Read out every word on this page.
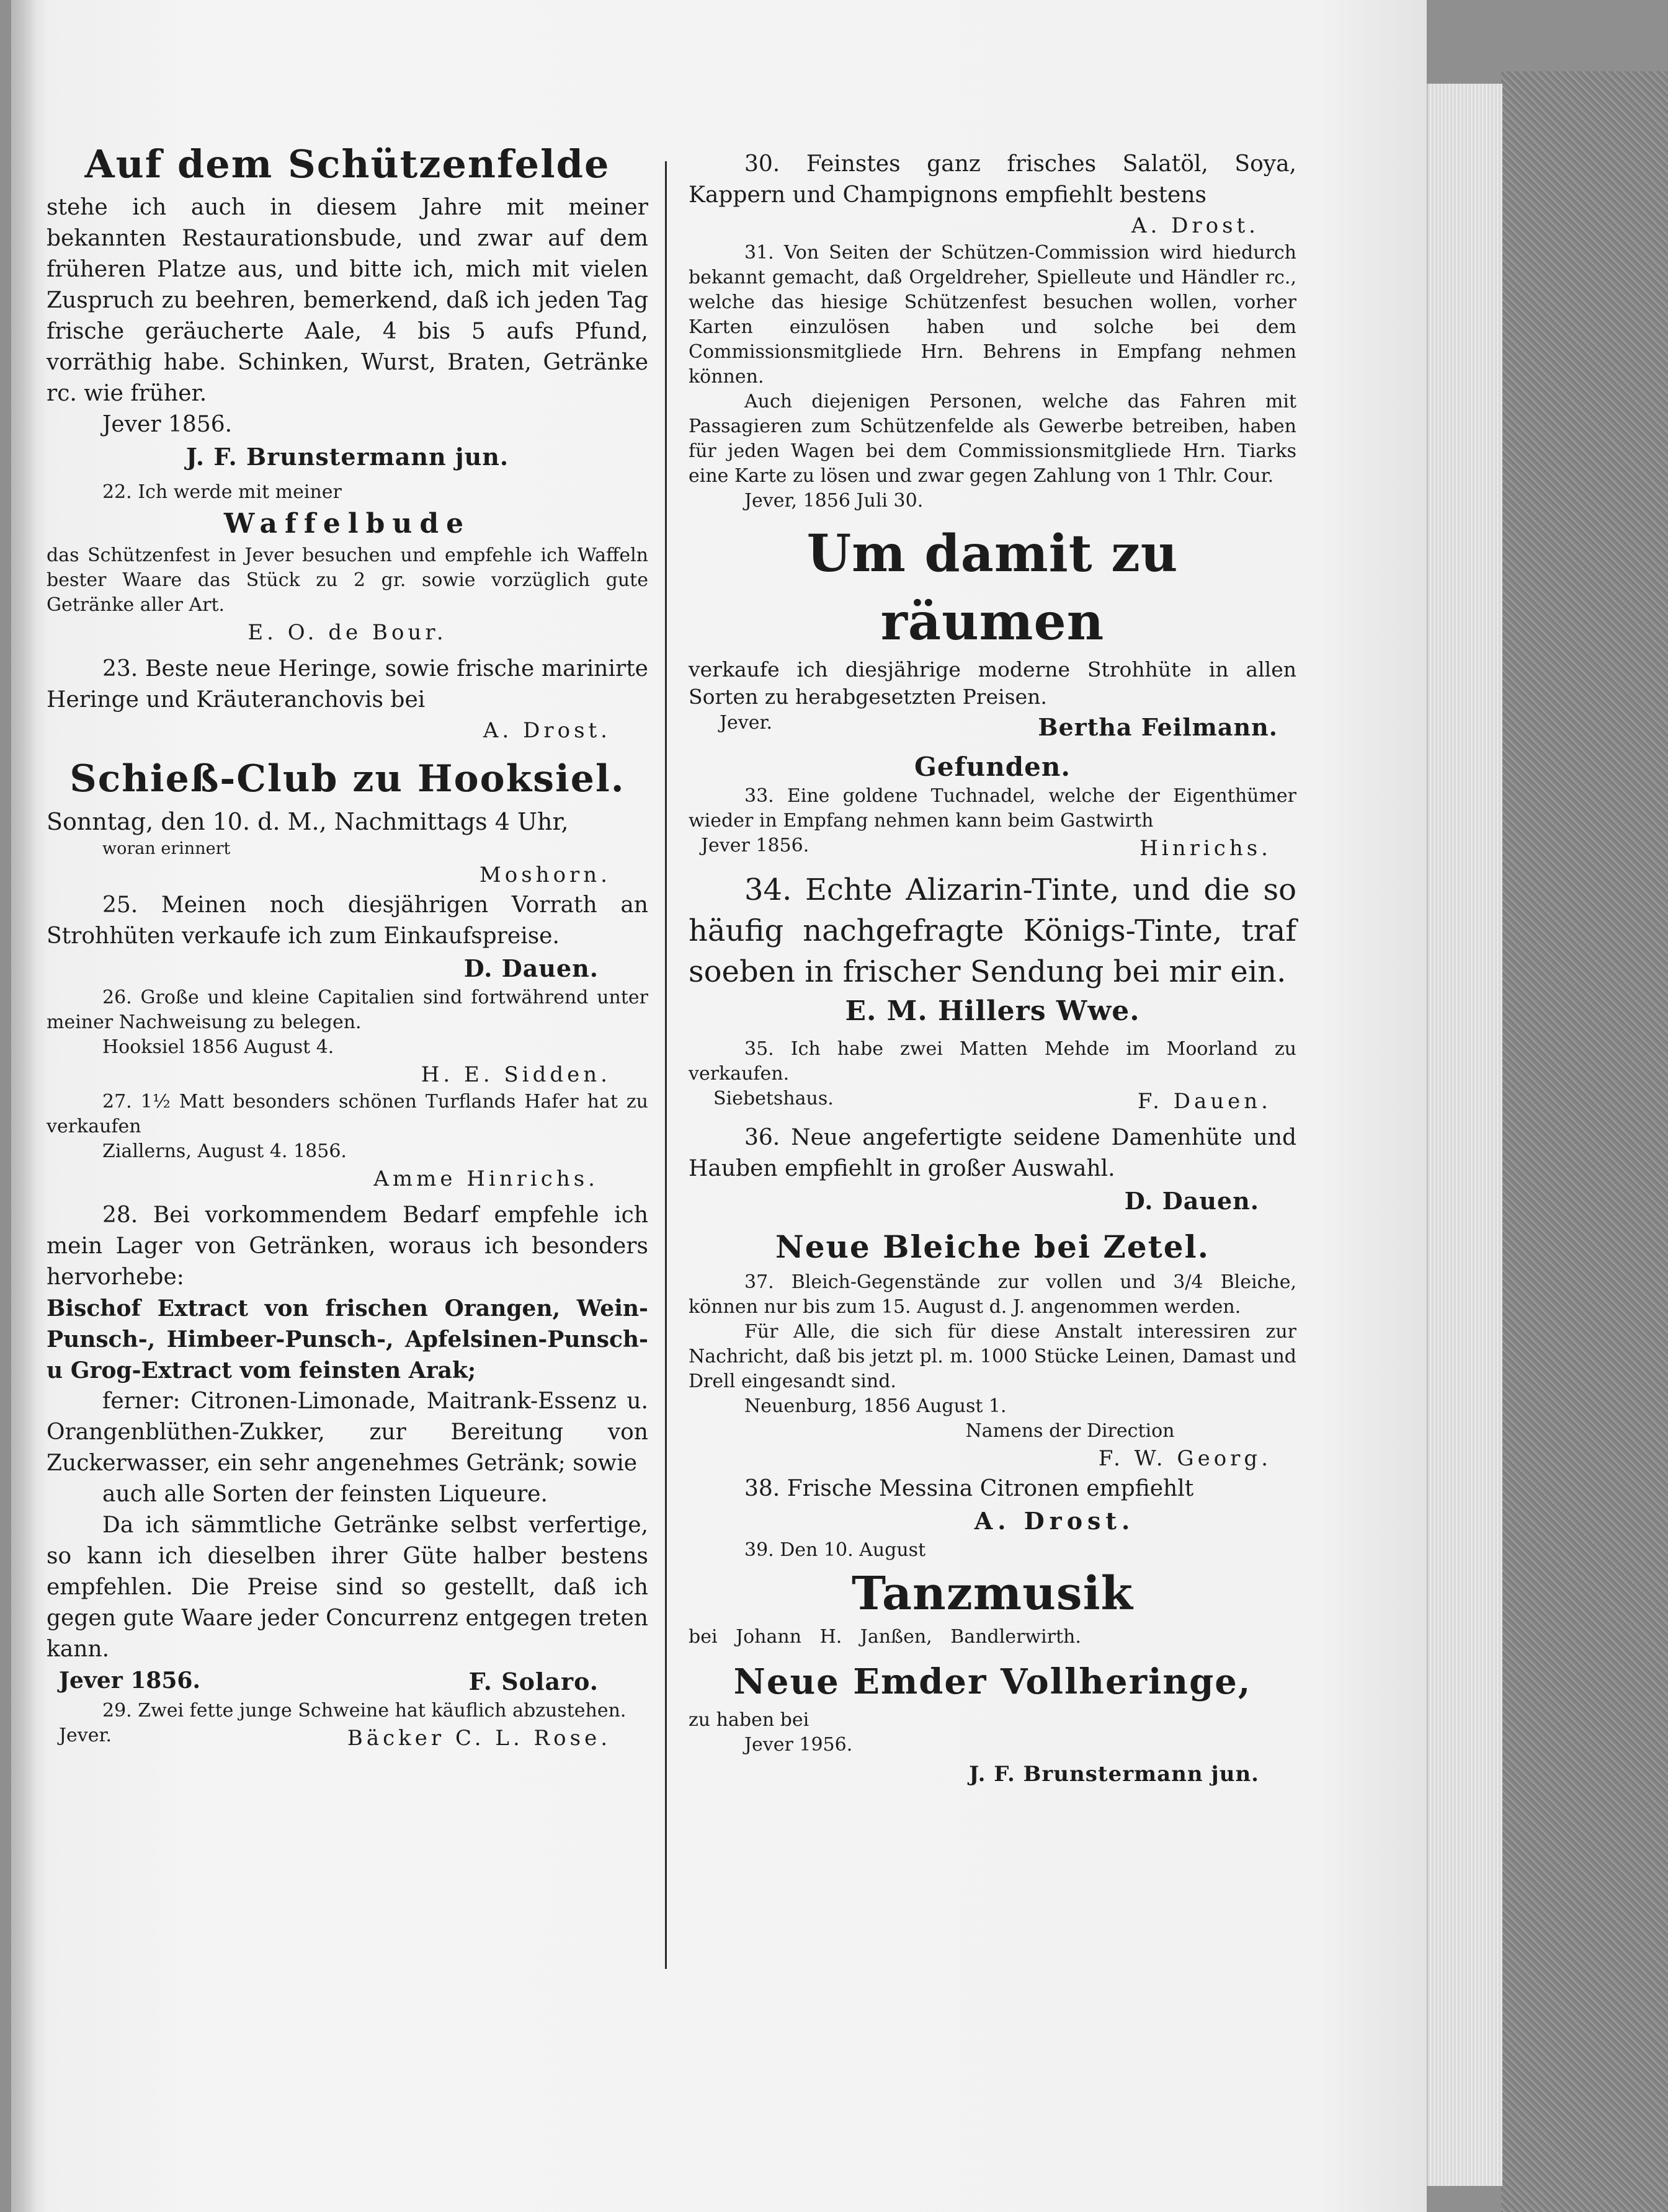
Auf dem Schützenfelde

stehe ich auch in diesem Jahre mit meiner bekannten Restaurationsbude, und zwar auf dem früheren Platze aus, und bitte ich, mich mit vielen Zuspruch zu beehren, bemerkend, daß ich jeden Tag frische geräucherte Aale, 4 bis 5 aufs Pfund, vorräthig habe. Schinken, Wurst, Braten, Getränke rc. wie früher.

Jever 1856.

J. F. Brunstermann jun.

22. Ich werde mit meiner

Waffelbude

das Schützenfest in Jever besuchen und empfehle ich Waffeln bester Waare das Stück zu 2 gr. sowie vorzüglich gute Getränke aller Art.

E. O. de Bour.

23. Beste neue Heringe, sowie frische marinirte Heringe und Kräuteranchovis bei

A. Drost.

Schieß-Club zu Hooksiel.

Sonntag, den 10. d. M., Nachmittags 4 Uhr,

woran erinnert

Moshorn.

25. Meinen noch diesjährigen Vorrath an Strohhüten verkaufe ich zum Einkaufspreise.

D. Dauen.

26. Große und kleine Capitalien sind fortwährend unter meiner Nachweisung zu belegen.

Hooksiel 1856 August 4.

H. E. Sidden.

27. 1½ Matt besonders schönen Turflands Hafer hat zu verkaufen

Ziallerns, August 4. 1856.

Amme Hinrichs.

28. Bei vorkommendem Bedarf empfehle ich mein Lager von Getränken, woraus ich besonders hervorhebe:

Bischof Extract von frischen Orangen, Wein-Punsch-, Himbeer-Punsch-, Apfelsinen-Punsch- u Grog-Extract vom feinsten Arak;

ferner: Citronen-Limonade, Maitrank-Essenz u. Orangenblüthen-Zukker, zur Bereitung von Zuckerwasser, ein sehr angenehmes Getränk; sowie

auch alle Sorten der feinsten Liqueure.

Da ich sämmtliche Getränke selbst verfertige, so kann ich dieselben ihrer Güte halber bestens empfehlen. Die Preise sind so gestellt, daß ich gegen gute Waare jeder Concurrenz entgegen treten kann.

Jever 1856.	F. Solaro.

29. Zwei fette junge Schweine hat käuflich abzustehen.

Jever.	Bäcker C. L. Rose.

30. Feinstes ganz frisches Salatöl, Soya, Kappern und Champignons empfiehlt bestens

A. Drost.

31. Von Seiten der Schützen-Commission wird hiedurch bekannt gemacht, daß Orgeldreher, Spielleute und Händler rc., welche das hiesige Schützenfest besuchen wollen, vorher Karten einzulösen haben und solche bei dem Commissionsmitgliede Hrn. Behrens in Empfang nehmen können.

Auch diejenigen Personen, welche das Fahren mit Passagieren zum Schützenfelde als Gewerbe betreiben, haben für jeden Wagen bei dem Commissionsmitgliede Hrn. Tiarks eine Karte zu lösen und zwar gegen Zahlung von 1 Thlr. Cour.

Jever, 1856 Juli 30.

Um damit zu räumen

verkaufe ich diesjährige moderne Strohhüte in allen Sorten zu herabgesetzten Preisen.

Jever.	Bertha Feilmann.

Gefunden.

33. Eine goldene Tuchnadel, welche der Eigenthümer wieder in Empfang nehmen kann beim Gastwirth

Jever 1856.	Hinrichs.

34. Echte Alizarin-Tinte, und die so häufig nachgefragte Königs-Tinte, traf soeben in frischer Sendung bei mir ein.

E. M. Hillers Wwe.

35. Ich habe zwei Matten Mehde im Moorland zu verkaufen.

Siebetshaus.	F. Dauen.

36. Neue angefertigte seidene Damenhüte und Hauben empfiehlt in großer Auswahl.

D. Dauen.

Neue Bleiche bei Zetel.

37. Bleich-Gegenstände zur vollen und 3/4 Bleiche, können nur bis zum 15. August d. J. angenommen werden.

Für Alle, die sich für diese Anstalt interessiren zur Nachricht, daß bis jetzt pl. m. 1000 Stücke Leinen, Damast und Drell eingesandt sind.

Neuenburg, 1856 August 1.

Namens der Direction

F. W. Georg.

38. Frische Messina Citronen empfiehlt

A. Drost.

39. Den 10. August

Tanzmusik

bei Johann H. Janßen, Bandlerwirth.

Neue Emder Vollheringe,

zu haben bei

Jever 1956.

J. F. Brunstermann jun.
